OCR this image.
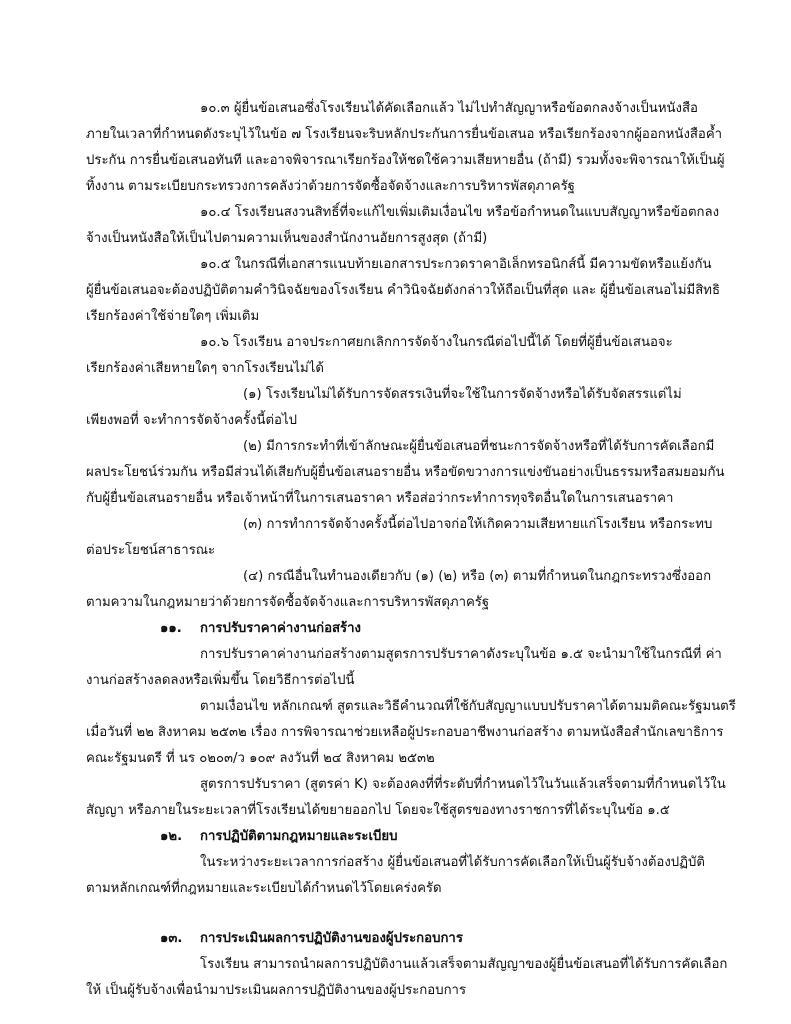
๑๐.๓ ผู้ยื่นข้อเสนอซึ่งโรงเรียนได้คัดเลือกแล้ว ไม่ไปทำสัญญาหรือข้อตกลงจ้างเป็นหนังสือ
ภายในเวลาที่กำหนดดังระบุไว้ในข้อ ๗ โรงเรียนจะริบหลักประกันการยื่นข้อเสนอ หรือเรียกร้องจากผู้ออกหนังสือค้ำ
ประกัน การยื่นข้อเสนอทันที และอาจพิจารณาเรียกร้องให้ชดใช้ความเสียหายอื่น (ถ้ามี) รวมทั้งจะพิจารณาให้เป็นผู้
ทิ้งงาน ตามระเบียบกระทรวงการคลังว่าด้วยการจัดซื้อจัดจ้างและการบริหารพัสดุภาครัฐ
๑๐.๔ โรงเรียนสงวนสิทธิ์ที่จะแก้ไขเพิ่มเติมเงื่อนไข หรือข้อกำหนดในแบบสัญญาหรือข้อตกลง
จ้างเป็นหนังสือให้เป็นไปตามความเห็นของสำนักงานอัยการสูงสุด (ถ้ามี)
๑๐.๕ ในกรณีที่เอกสารแนบท้ายเอกสารประกวดราคาอิเล็กทรอนิกส์นี้ มีความขัดหรือแย้งกัน
ผู้ยื่นข้อเสนอจะต้องปฏิบัติตามคำวินิจฉัยของโรงเรียน คำวินิจฉัยดังกล่าวให้ถือเป็นที่สุด และ ผู้ยื่นข้อเสนอไม่มีสิทธิ
เรียกร้องค่าใช้จ่ายใดๆ เพิ่มเติม
๑๐.๖ โรงเรียน อาจประกาศยกเลิกการจัดจ้างในกรณีต่อไปนี้ได้ โดยที่ผู้ยื่นข้อเสนอจะ
เรียกร้องค่าเสียหายใดๆ จากโรงเรียนไม่ได้
(๑) โรงเรียนไม่ได้รับการจัดสรรเงินที่จะใช้ในการจัดจ้างหรือได้รับจัดสรรแต่ไม่
เพียงพอที่ จะทำการจัดจ้างครั้งนี้ต่อไป
(๒) มีการกระทำที่เข้าลักษณะผู้ยื่นข้อเสนอที่ชนะการจัดจ้างหรือที่ได้รับการคัดเลือกมี
ผลประโยชน์ร่วมกัน หรือมีส่วนได้เสียกับผู้ยื่นข้อเสนอรายอื่น หรือขัดขวางการแข่งขันอย่างเป็นธรรมหรือสมยอมกัน
กับผู้ยื่นข้อเสนอรายอื่น หรือเจ้าหน้าที่ในการเสนอราคา หรือส่อว่ากระทำการทุจริตอื่นใดในการเสนอราคา
(๓) การทำการจัดจ้างครั้งนี้ต่อไปอาจก่อให้เกิดความเสียหายแก่โรงเรียน หรือกระทบ
ต่อประโยชน์สาธารณะ
(๔) กรณีอื่นในทำนองเดียวกับ (๑) (๒) หรือ (๓) ตามที่กำหนดในกฎกระทรวงซึ่งออก
ตามความในกฎหมายว่าด้วยการจัดซื้อจัดจ้างและการบริหารพัสดุภาครัฐ
๑๑. การปรับราคาค่างานก่อสร้าง
การปรับราคาค่างานก่อสร้างตามสูตรการปรับราคาดังระบุในข้อ ๑.๕ จะนำมาใช้ในกรณีที่ ค่า
งานก่อสร้างลดลงหรือเพิ่มขึ้น โดยวิธีการต่อไปนี้
ตามเงื่อนไข หลักเกณฑ์ สูตรและวิธีคำนวณที่ใช้กับสัญญาแบบปรับราคาได้ตามมติคณะรัฐมนตรี
เมื่อวันที่ ๒๒ สิงหาคม ๒๕๓๒ เรื่อง การพิจารณาช่วยเหลือผู้ประกอบอาชีพงานก่อสร้าง ตามหนังสือสำนักเลขาธิการ
คณะรัฐมนตรี ที่ นร ๐๒๐๓/ว ๑๐๙ ลงวันที่ ๒๔ สิงหาคม ๒๕๓๒
สูตรการปรับราคา (สูตรค่า K) จะต้องคงที่ที่ระดับที่กำหนดไว้ในวันแล้วเสร็จตามที่กำหนดไว้ใน
สัญญา หรือภายในระยะเวลาที่โรงเรียนได้ขยายออกไป โดยจะใช้สูตรของทางราชการที่ได้ระบุในข้อ ๑.๕
๑๒. การปฏิบัติตามกฎหมายและระเบียบ
ในระหว่างระยะเวลาการก่อสร้าง ผู้ยื่นข้อเสนอที่ได้รับการคัดเลือกให้เป็นผู้รับจ้างต้องปฏิบัติ
ตามหลักเกณฑ์ที่กฎหมายและระเบียบได้กำหนดไว้โดยเคร่งครัด
๑๓. การประเมินผลการปฏิบัติงานของผู้ประกอบการ
โรงเรียน สามารถนำผลการปฏิบัติงานแล้วเสร็จตามสัญญาของผู้ยื่นข้อเสนอที่ได้รับการคัดเลือก
ให้ เป็นผู้รับจ้างเพื่อนำมาประเมินผลการปฏิบัติงานของผู้ประกอบการ
